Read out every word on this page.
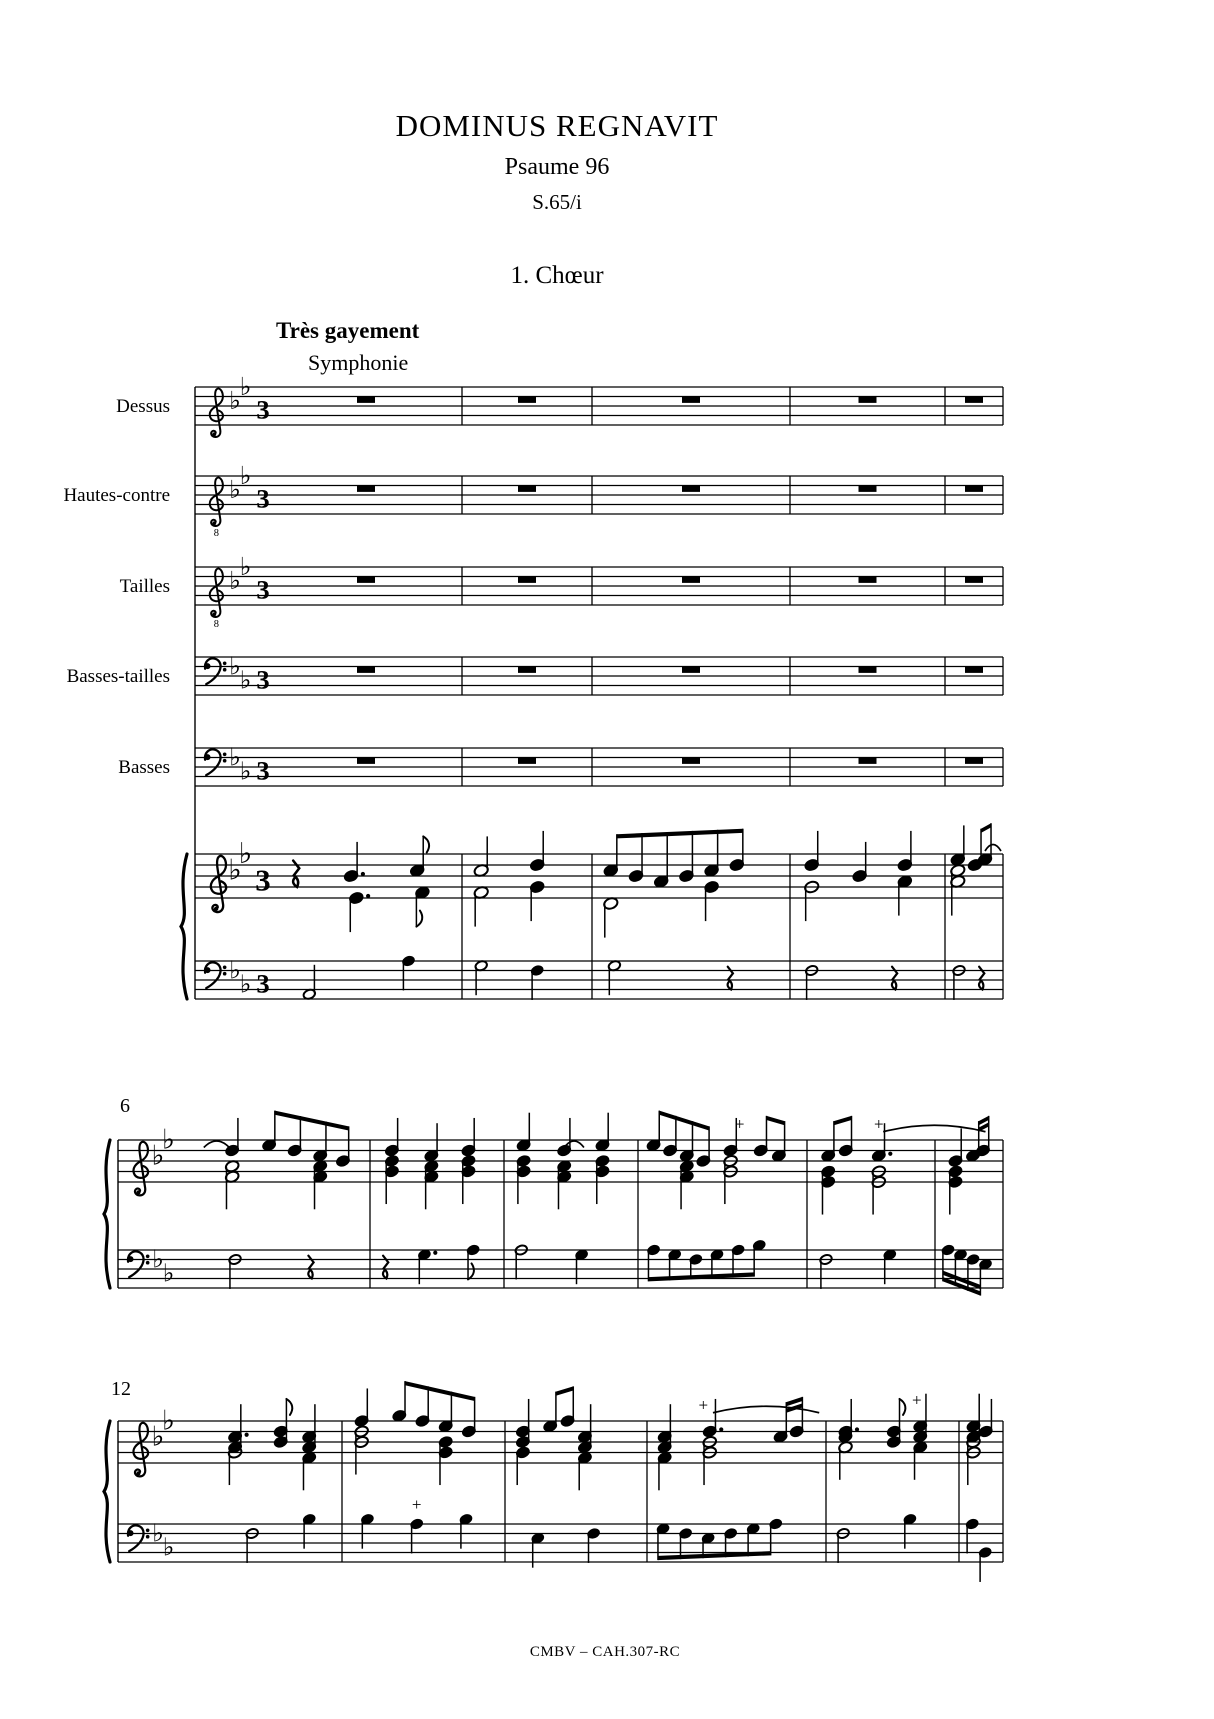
DOMINUS REGNAVIT
Psaume 96
S.65/i
1. Chœur
Très gayement
Symphonie
Dessus ♭
♭
3
Hautes-contre
8
♭
♭
3
Tailles
8
♭
♭
3
Basses-tailles ♭
♭ 3
Basses ♭
♭ 3
♭
♭
3
♭
♭ 3
♭
♭
♭
♭
+	+
6
♭
♭
♭
♭
+	+
+
12
CMBV – CAH.307-RC
